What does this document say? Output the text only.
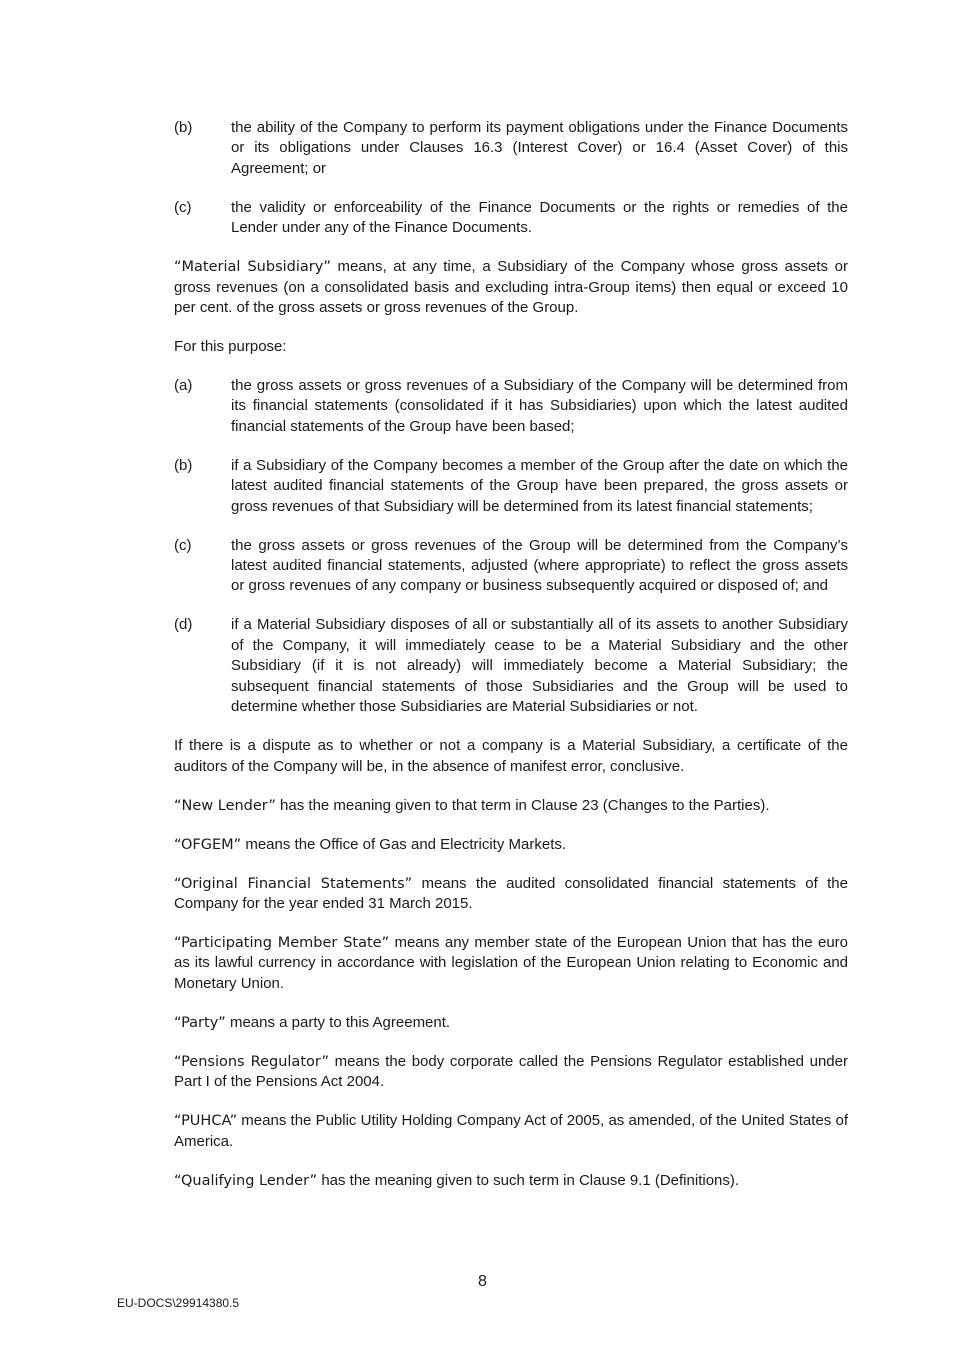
(b)	the ability of the Company to perform its payment obligations under the Finance Documents or its obligations under Clauses 16.3 (Interest Cover) or 16.4 (Asset Cover) of this Agreement; or
(c)	the validity or enforceability of the Finance Documents or the rights or remedies of the Lender under any of the Finance Documents.

“Material Subsidiary” means, at any time, a Subsidiary of the Company whose gross assets or gross revenues (on a consolidated basis and excluding intra-Group items) then equal or exceed 10 per cent. of the gross assets or gross revenues of the Group.

For this purpose:

(a)	the gross assets or gross revenues of a Subsidiary of the Company will be determined from its financial statements (consolidated if it has Subsidiaries) upon which the latest audited financial statements of the Group have been based;
(b)	if a Subsidiary of the Company becomes a member of the Group after the date on which the latest audited financial statements of the Group have been prepared, the gross assets or gross revenues of that Subsidiary will be determined from its latest financial statements;
(c)	the gross assets or gross revenues of the Group will be determined from the Company’s latest audited financial statements, adjusted (where appropriate) to reflect the gross assets or gross revenues of any company or business subsequently acquired or disposed of; and
(d)	if a Material Subsidiary disposes of all or substantially all of its assets to another Subsidiary of the Company, it will immediately cease to be a Material Subsidiary and the other Subsidiary (if it is not already) will immediately become a Material Subsidiary; the subsequent financial statements of those Subsidiaries and the Group will be used to determine whether those Subsidiaries are Material Subsidiaries or not.

If there is a dispute as to whether or not a company is a Material Subsidiary, a certificate of the auditors of the Company will be, in the absence of manifest error, conclusive.

“New Lender” has the meaning given to that term in Clause 23 (Changes to the Parties).

“OFGEM” means the Office of Gas and Electricity Markets.

“Original Financial Statements” means the audited consolidated financial statements of the Company for the year ended 31 March 2015.

“Participating Member State” means any member state of the European Union that has the euro as its lawful currency in accordance with legislation of the European Union relating to Economic and Monetary Union.

“Party” means a party to this Agreement.

“Pensions Regulator” means the body corporate called the Pensions Regulator established under Part I of the Pensions Act 2004.

“PUHCA” means the Public Utility Holding Company Act of 2005, as amended, of the United States of America.

“Qualifying Lender” has the meaning given to such term in Clause 9.1 (Definitions).

8
EU-DOCS\29914380.5
